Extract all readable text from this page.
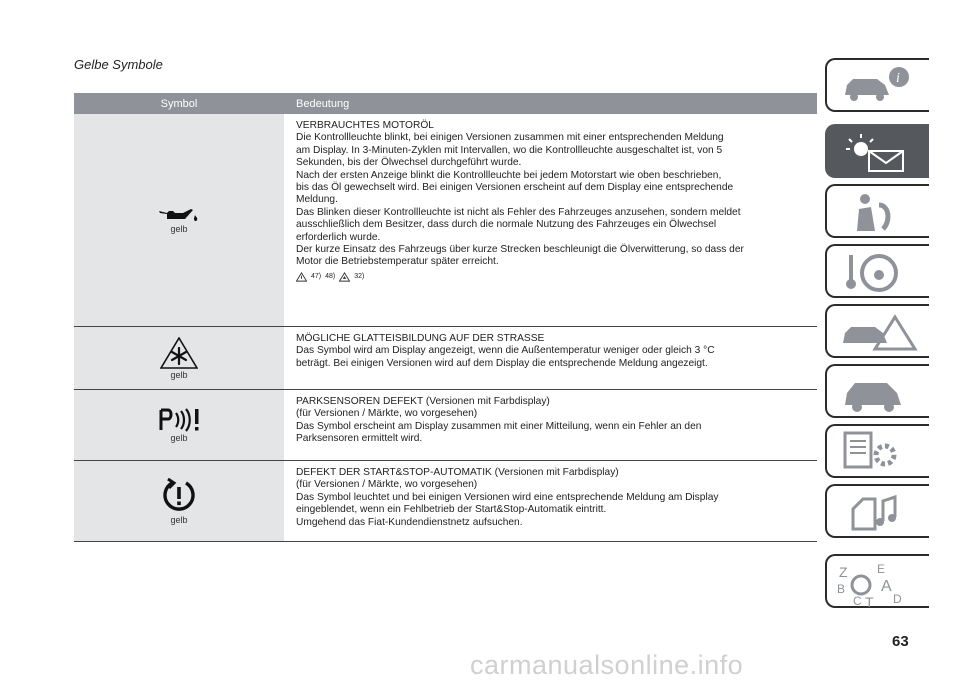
Gelbe Symbole
Symbol	Bedeutung
gelb

VERBRAUCHTES MOTORÖL

Die Kontrollleuchte blinkt, bei einigen Versionen zusammen mit einer entsprechenden Meldung

am Display. In 3-Minuten-Zyklen mit Intervallen, wo die Kontrollleuchte ausgeschaltet ist, von 5

Sekunden, bis der Ölwechsel durchgeführt wurde.

Nach der ersten Anzeige blinkt die Kontrollleuchte bei jedem Motorstart wie oben beschrieben,

bis das Öl gewechselt wird. Bei einigen Versionen erscheint auf dem Display eine entsprechende

Meldung.

Das Blinken dieser Kontrollleuchte ist nicht als Fehler des Fahrzeuges anzusehen, sondern meldet

ausschließlich dem Besitzer, dass durch die normale Nutzung des Fahrzeuges ein Ölwechsel

erforderlich wurde.

Der kurze Einsatz des Fahrzeugs über kurze Strecken beschleunigt die Ölverwitterung, so dass der

Motor die Betriebstemperatur später erreicht.

47) 48)	32)
gelb

MÖGLICHE GLATTEISBILDUNG AUF DER STRASSE

Das Symbol wird am Display angezeigt, wenn die Außentemperatur weniger oder gleich 3 °C

beträgt. Bei einigen Versionen wird auf dem Display die entsprechende Meldung angezeigt.

gelb

PARKSENSOREN DEFEKT (Versionen mit Farbdisplay)

(für Versionen / Märkte, wo vorgesehen)

Das Symbol erscheint am Display zusammen mit einer Mitteilung, wenn ein Fehler an den

Parksensoren ermittelt wird.

gelb

DEFEKT DER START&STOP-AUTOMATIK (Versionen mit Farbdisplay)

(für Versionen / Märkte, wo vorgesehen)

Das Symbol leuchtet und bei einigen Versionen wird eine entsprechende Meldung am Display

eingeblendet, wenn ein Fehlbetrieb der Start&Stop-Automatik eintritt.

Umgehend das Fiat-Kundendienstnetz aufsuchen.

i
Z E
A
B
C T D
63
carmanualsonline.info
